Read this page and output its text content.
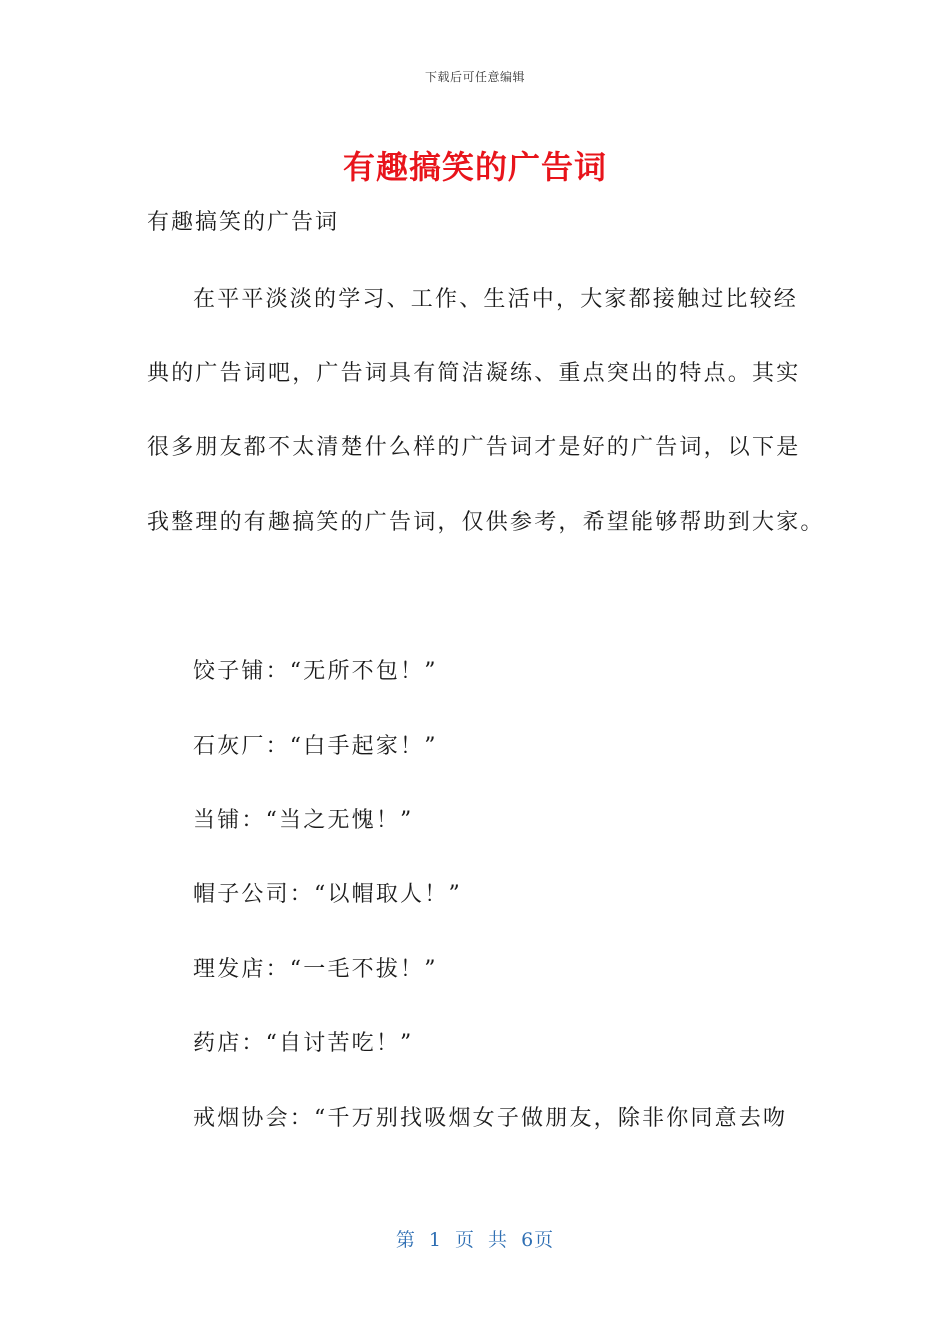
下载后可任意编辑
有趣搞笑的广告词
有趣搞笑的广告词
在平平淡淡的学习、工作、生活中，大家都接触过比较经
典的广告词吧，广告词具有简洁凝练、重点突出的特点。其实
很多朋友都不太清楚什么样的广告词才是好的广告词，以下是
我整理的有趣搞笑的广告词，仅供参考，希望能够帮助到大家。
饺子铺：“无所不包！”
石灰厂：“白手起家！”
当铺：“当之无愧！”
帽子公司：“以帽取人！”
理发店：“一毛不拔！”
药店：“自讨苦吃！”
戒烟协会：“千万别找吸烟女子做朋友，除非你同意去吻
第 1 页 共 6页
